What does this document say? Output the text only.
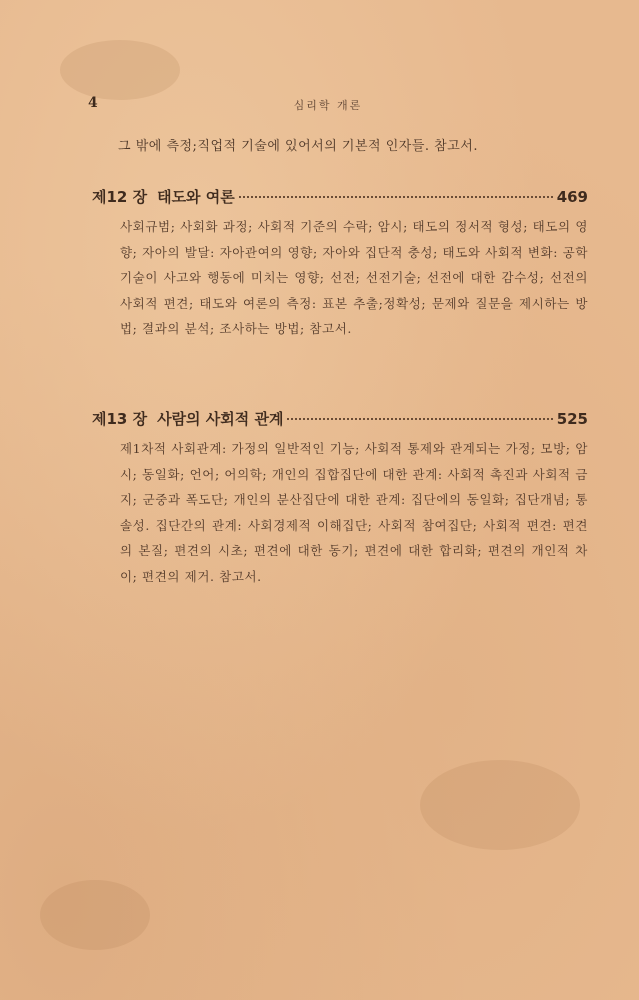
4	심리학 개론
그 밖에 측정;직업적 기술에 있어서의 기본적 인자들. 참고서.
제12 장 태도와 여론	469
사회규범; 사회화 과정; 사회적 기준의 수락; 암시; 태도의 정서적 형성; 태도의 영향; 자아의 발달: 자아관여의 영향; 자아와 집단적 충성; 태도와 사회적 변화: 공학기술이 사고와 행동에 미치는 영향; 선전; 선전기술; 선전에 대한 감수성; 선전의 사회적 편견; 태도와 여론의 측정: 표본 추출;정확성; 문제와 질문을 제시하는 방법; 결과의 분석; 조사하는 방법; 참고서.
제13 장 사람의 사회적 관계	525
제1차적 사회관계: 가정의 일반적인 기능; 사회적 통제와 관계되는 가정; 모방; 암시; 동일화; 언어; 어의학; 개인의 집합집단에 대한 관계: 사회적 촉진과 사회적 금지; 군중과 폭도단; 개인의 분산집단에 대한 관계: 집단에의 동일화; 집단개념; 통솔성. 집단간의 관계: 사회경제적 이해집단; 사회적 참여집단; 사회적 편견: 편견의 본질; 편견의 시초; 편견에 대한 동기; 편견에 대한 합리화; 편견의 개인적 차이; 편견의 제거. 참고서.
